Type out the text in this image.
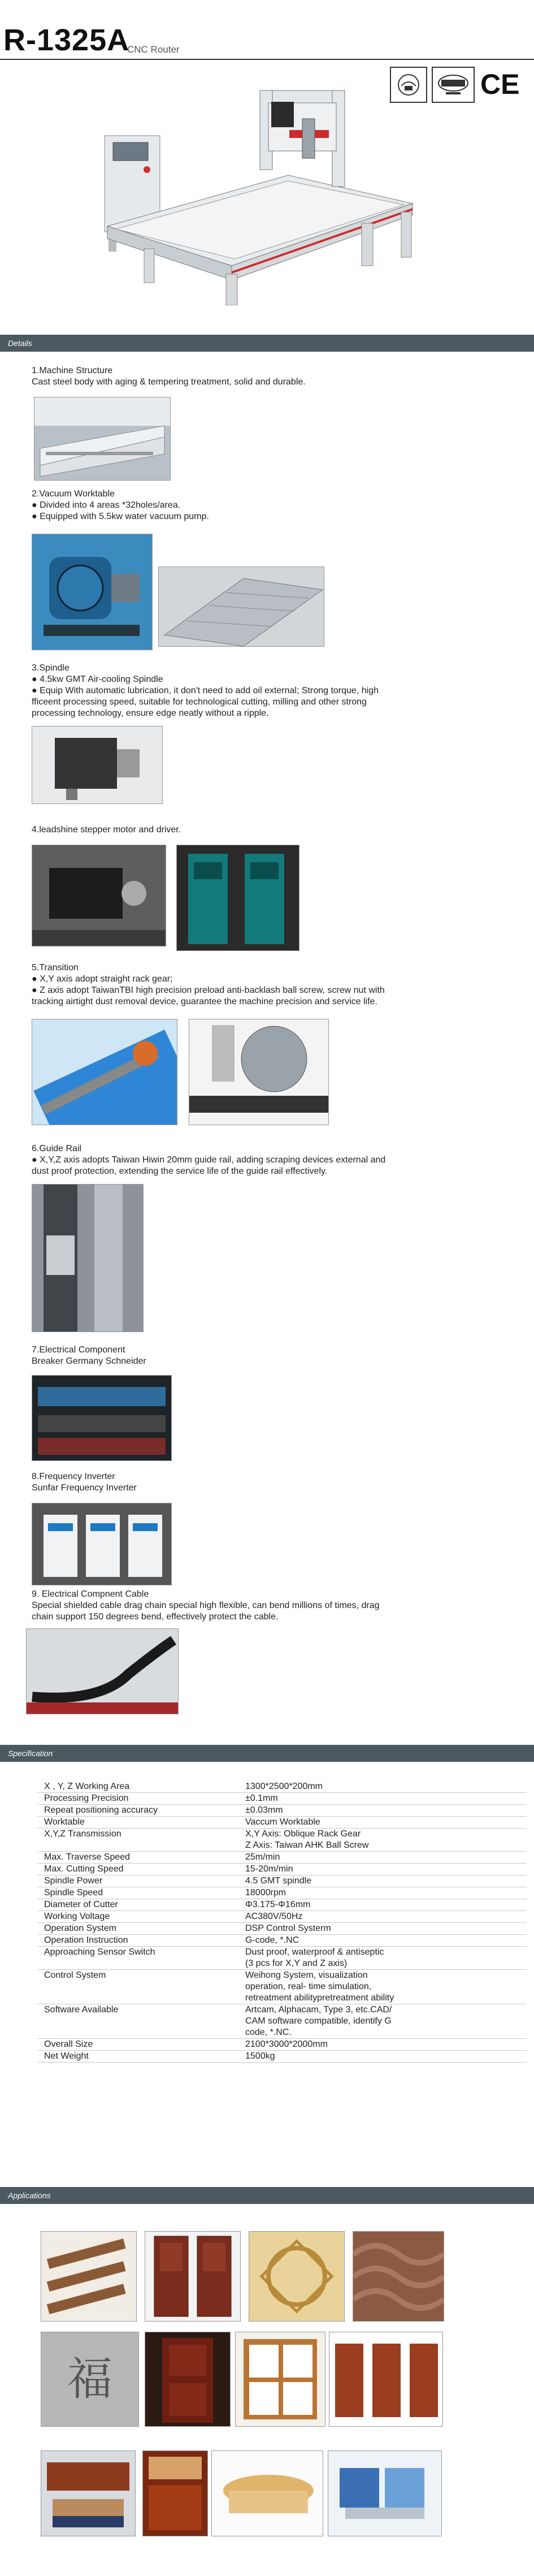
R-1325A
CNC Router
CE
Details

1.Machine Structure

Cast steel body with aging & tempering treatment, solid and durable.

2.Vacuum Worktable

● Divided into 4 areas *32holes/area.

● Equipped with 5.5kw water vacuum pump.

3.Spindle

● 4.5kw GMT Air-cooling Spindle

● Equip With automatic lubrication, it don't need to add oil external; Strong torque, high

fficeent processing speed, suitable for technological cutting, milling and other strong

processing technology, ensure edge neatly without a ripple.

4.leadshine stepper motor and driver.

5.Transition

● X,Y axis adopt straight rack gear;

● Z axis adopt TaiwanTBI high precision preload anti-backlash ball screw, screw nut with

tracking airtight dust removal device, guarantee the machine precision and service life.

6.Guide Rail

● X,Y,Z axis adopts Taiwan Hiwin 20mm guide rail, adding scraping devices external and

dust proof protection, extending the service life of the guide rail effectively.

7.Electrical Component

Breaker Germany Schneider

8.Frequency Inverter

Sunfar Frequency Inverter

9. Electrical Compnent Cable

Special shielded cable drag chain special high flexible, can bend millions of times, drag

chain support 150 degrees bend, effectively protect the cable.

Specification
X , Y, Z Working Area	1300*2500*200mm

Processing Precision	±0.1mm

Repeat positioning accuracy	±0.03mm

Worktable	Vaccum Worktable

X,Y,Z Transmission	X,Y Axis: Oblique Rack Gear
Z Axis: Taiwan AHK Ball Screw

Max. Traverse Speed	25m/min

Max. Cutting Speed	15-20m/min

Spindle Power	4.5 GMT spindle

Spindle Speed	18000rpm

Diameter of Cutter	Φ3.175-Φ16mm

Working Voltage	AC380V/50Hz

Operation System	DSP Control Systerm

Operation Instruction	G-code, *.NC

Approaching Sensor Switch	Dust proof, waterproof & antiseptic
(3 pcs for X,Y and Z axis)

Control System	Weihong System, visualization
operation, real- time simulation,
retreatment abilitypretreatment ability

Software Available	Artcam, Alphacam, Type 3, etc.CAD/
CAM software compatible, identify G
code, *.NC.

Overall Size	2100*3000*2000mm

Net Weight	1500kg
Applications
福
